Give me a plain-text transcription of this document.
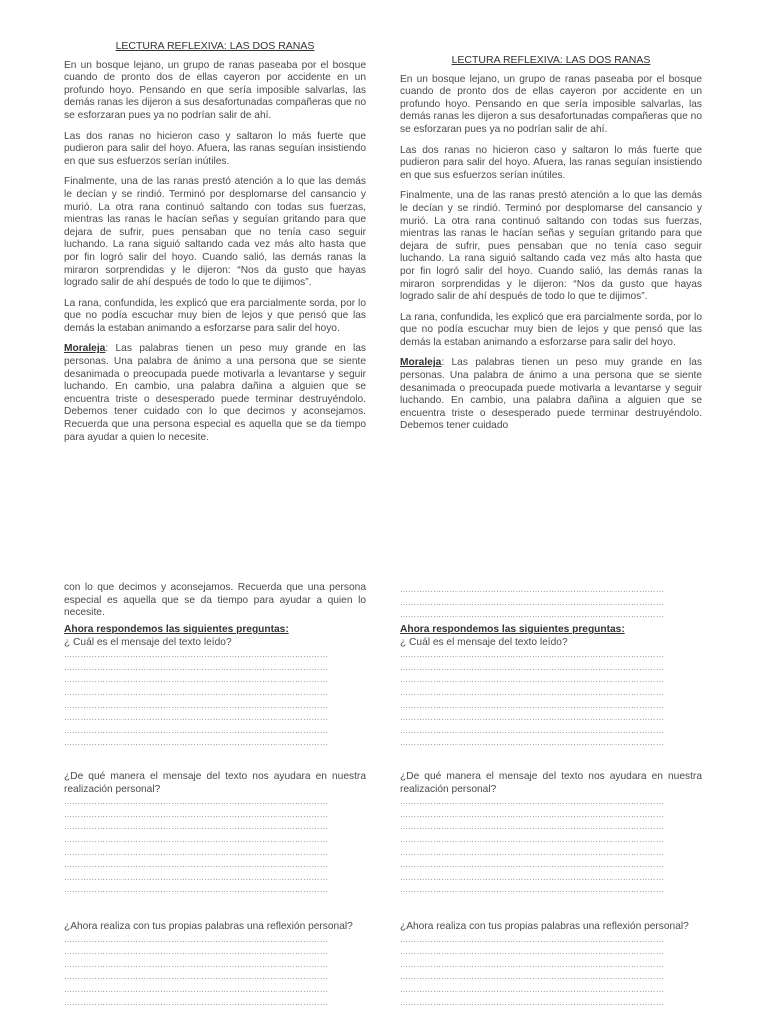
LECTURA REFLEXIVA: LAS DOS RANAS

En un bosque lejano, un grupo de ranas paseaba por el bosque cuando de pronto dos de ellas cayeron por accidente en un profundo hoyo. Pensando en que sería imposible salvarlas, las demás ranas les dijeron a sus desafortunadas compañeras que no se esforzaran pues ya no podrían salir de ahí.

Las dos ranas no hicieron caso y saltaron lo más fuerte que pudieron para salir del hoyo. Afuera, las ranas seguían insistiendo en que sus esfuerzos serían inútiles.

Finalmente, una de las ranas prestó atención a lo que las demás le decían y se rindió. Terminó por desplomarse del cansancio y murió. La otra rana continuó saltando con todas sus fuerzas, mientras las ranas le hacían señas y seguían gritando para que dejara de sufrir, pues pensaban que no tenía caso seguir luchando. La rana siguió saltando cada vez más alto hasta que por fin logró salir del hoyo. Cuando salió, las demás ranas la miraron sorprendidas y le dijeron: “Nos da gusto que hayas logrado salir de ahí después de todo lo que te dijimos”.

La rana, confundida, les explicó que era parcialmente sorda, por lo que no podía escuchar muy bien de lejos y que pensó que las demás la estaban animando a esforzarse para salir del hoyo.

Moraleja: Las palabras tienen un peso muy grande en las personas. Una palabra de ánimo a una persona que se siente desanimada o preocupada puede motivarla a levantarse y seguir luchando. En cambio, una palabra dañina a alguien que se encuentra triste o desesperado puede terminar destruyéndolo. Debemos tener cuidado con lo que decimos y aconsejamos. Recuerda que una persona especial es aquella que se da tiempo para ayudar a quien lo necesite.

con lo que decimos y aconsejamos. Recuerda que una persona especial es aquella que se da tiempo para ayudar a quien lo necesite.

Ahora respondemos las siguientes preguntas:
¿ Cuál es el mensaje del texto leído?
……………………………………………………………………………………
……………………………………………………………………………………
……………………………………………………………………………………
……………………………………………………………………………………
……………………………………………………………………………………
……………………………………………………………………………………
……………………………………………………………………………………
……………………………………………………………………………………
¿De qué manera el mensaje del texto nos ayudara en nuestra realización personal?
……………………………………………………………………………………
……………………………………………………………………………………
……………………………………………………………………………………
……………………………………………………………………………………
……………………………………………………………………………………
……………………………………………………………………………………
……………………………………………………………………………………
……………………………………………………………………………………
¿Ahora realiza con tus propias palabras una reflexión personal?
……………………………………………………………………………………
……………………………………………………………………………………
……………………………………………………………………………………
……………………………………………………………………………………
……………………………………………………………………………………
……………………………………………………………………………………
LECTURA REFLEXIVA: LAS DOS RANAS

En un bosque lejano, un grupo de ranas paseaba por el bosque cuando de pronto dos de ellas cayeron por accidente en un profundo hoyo. Pensando en que sería imposible salvarlas, las demás ranas les dijeron a sus desafortunadas compañeras que no se esforzaran pues ya no podrían salir de ahí.

Las dos ranas no hicieron caso y saltaron lo más fuerte que pudieron para salir del hoyo. Afuera, las ranas seguían insistiendo en que sus esfuerzos serían inútiles.

Finalmente, una de las ranas prestó atención a lo que las demás le decían y se rindió. Terminó por desplomarse del cansancio y murió. La otra rana continuó saltando con todas sus fuerzas, mientras las ranas le hacían señas y seguían gritando para que dejara de sufrir, pues pensaban que no tenía caso seguir luchando. La rana siguió saltando cada vez más alto hasta que por fin logró salir del hoyo. Cuando salió, las demás ranas la miraron sorprendidas y le dijeron: “Nos da gusto que hayas logrado salir de ahí después de todo lo que te dijimos”.

La rana, confundida, les explicó que era parcialmente sorda, por lo que no podía escuchar muy bien de lejos y que pensó que las demás la estaban animando a esforzarse para salir del hoyo.

Moraleja: Las palabras tienen un peso muy grande en las personas. Una palabra de ánimo a una persona que se siente desanimada o preocupada puede motivarla a levantarse y seguir luchando. En cambio, una palabra dañina a alguien que se encuentra triste o desesperado puede terminar destruyéndolo. Debemos tener cuidado

……………………………………………………………………………………
……………………………………………………………………………………
……………………………………………………………………………………
Ahora respondemos las siguientes preguntas:
¿ Cuál es el mensaje del texto leído?
……………………………………………………………………………………
……………………………………………………………………………………
……………………………………………………………………………………
……………………………………………………………………………………
……………………………………………………………………………………
……………………………………………………………………………………
……………………………………………………………………………………
……………………………………………………………………………………
¿De qué manera el mensaje del texto nos ayudara en nuestra realización personal?
……………………………………………………………………………………
……………………………………………………………………………………
……………………………………………………………………………………
……………………………………………………………………………………
……………………………………………………………………………………
……………………………………………………………………………………
……………………………………………………………………………………
……………………………………………………………………………………
¿Ahora realiza con tus propias palabras una reflexión personal?
……………………………………………………………………………………
……………………………………………………………………………………
……………………………………………………………………………………
……………………………………………………………………………………
……………………………………………………………………………………
……………………………………………………………………………………
